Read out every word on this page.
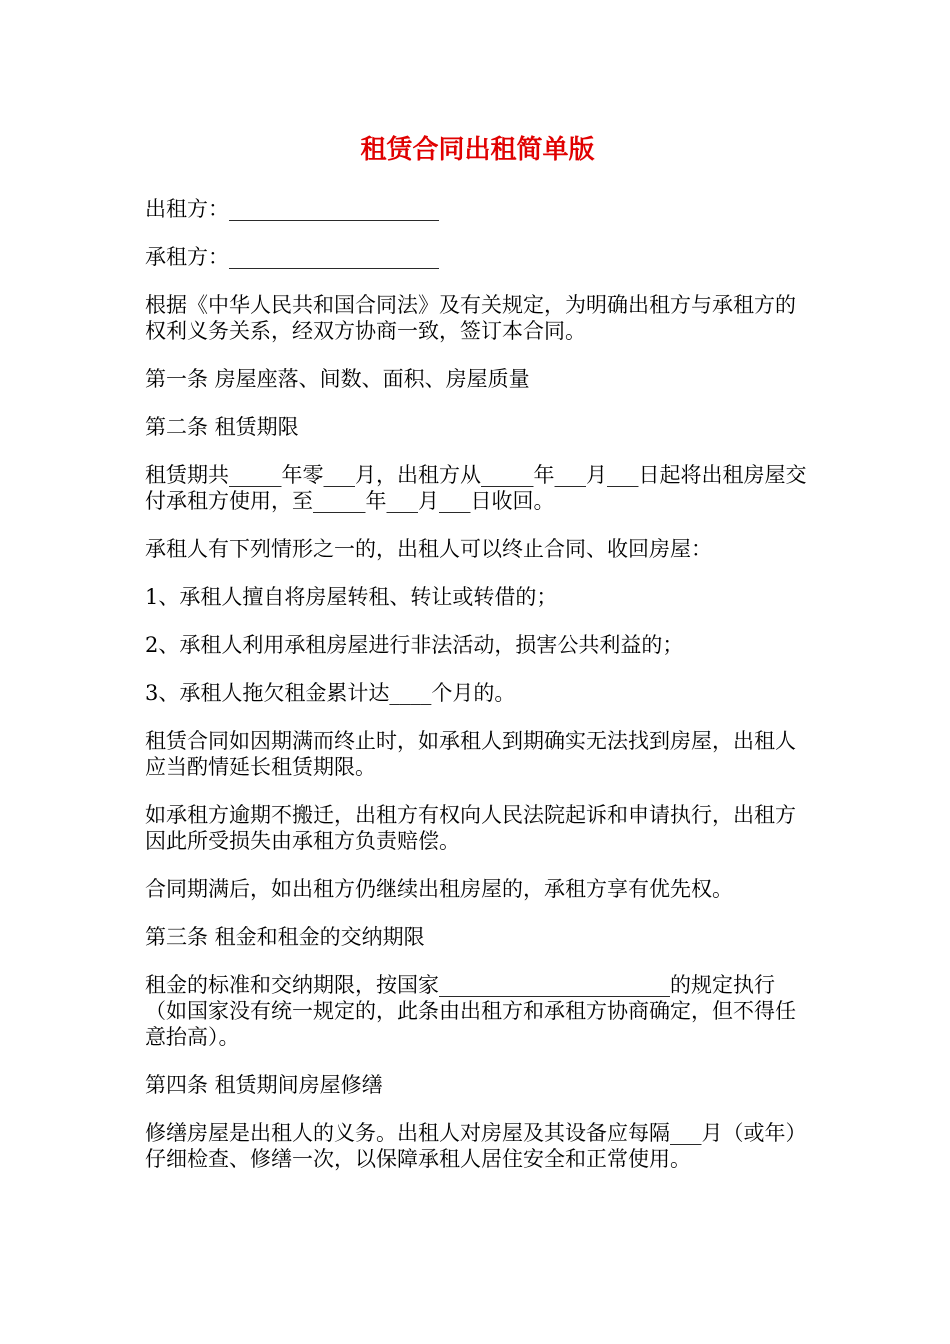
租赁合同出租简单版
出租方：____________________
承租方：____________________
根据《中华人民共和国合同法》及有关规定，为明确出租方与承租方的权利义务关系，经双方协商一致，签订本合同。
第一条 房屋座落、间数、面积、房屋质量
第二条 租赁期限
租赁期共_____年零___月，出租方从_____年___月___日起将出租房屋交付承租方使用，至_____年___月___日收回。
承租人有下列情形之一的，出租人可以终止合同、收回房屋：
1、承租人擅自将房屋转租、转让或转借的；
2、承租人利用承租房屋进行非法活动，损害公共利益的；
3、承租人拖欠租金累计达____个月的。
租赁合同如因期满而终止时，如承租人到期确实无法找到房屋，出租人应当酌情延长租赁期限。
如承租方逾期不搬迁，出租方有权向人民法院起诉和申请执行，出租方因此所受损失由承租方负责赔偿。
合同期满后，如出租方仍继续出租房屋的，承租方享有优先权。
第三条 租金和租金的交纳期限
租金的标准和交纳期限，按国家______________________的规定执行（如国家没有统一规定的，此条由出租方和承租方协商确定，但不得任意抬高）。
第四条 租赁期间房屋修缮
修缮房屋是出租人的义务。出租人对房屋及其设备应每隔___月（或年）仔细检查、修缮一次，以保障承租人居住安全和正常使用。
